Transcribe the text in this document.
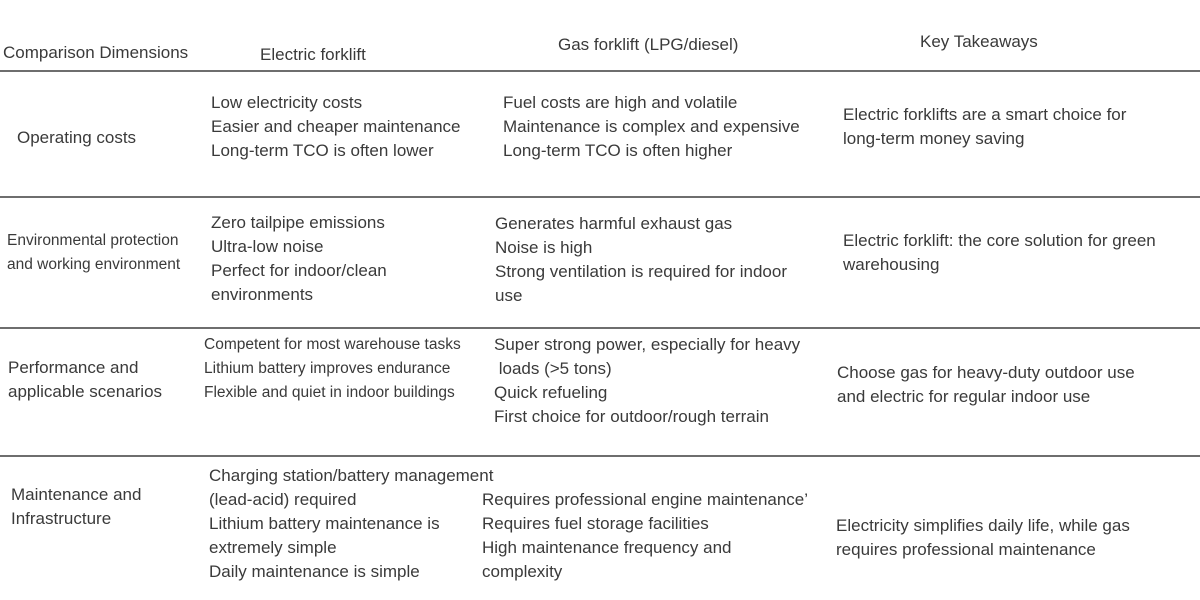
Comparison Dimensions	Electric forklift
Gas forklift (LPG/diesel)	Key Takeaways
Operating costs
Low electricity costs
Easier and cheaper maintenance
Long-term TCO is often lower
Fuel costs are high and volatile
Maintenance is complex and expensive
Long-term TCO is often higher
Electric forklifts are a smart choice for
long-term money saving
Environmental protection
and working environment
Zero tailpipe emissions
Ultra-low noise
Perfect for indoor/clean
environments
Generates harmful exhaust gas
Noise is high
Strong ventilation is required for indoor
use
Electric forklift: the core solution for green
warehousing
Performance and
applicable scenarios
Competent for most warehouse tasks
Lithium battery improves endurance
Flexible and quiet in indoor buildings
Super strong power, especially for heavy
loads (>5 tons)
Quick refueling
First choice for outdoor/rough terrain
Choose gas for heavy-duty outdoor use
and electric for regular indoor use
Maintenance and
Infrastructure
Charging station/battery management
(lead-acid) required
Lithium battery maintenance is
extremely simple
Daily maintenance is simple
Requires professional engine maintenance’
Requires fuel storage facilities
High maintenance frequency and
complexity
Electricity simplifies daily life, while gas
requires professional maintenance
